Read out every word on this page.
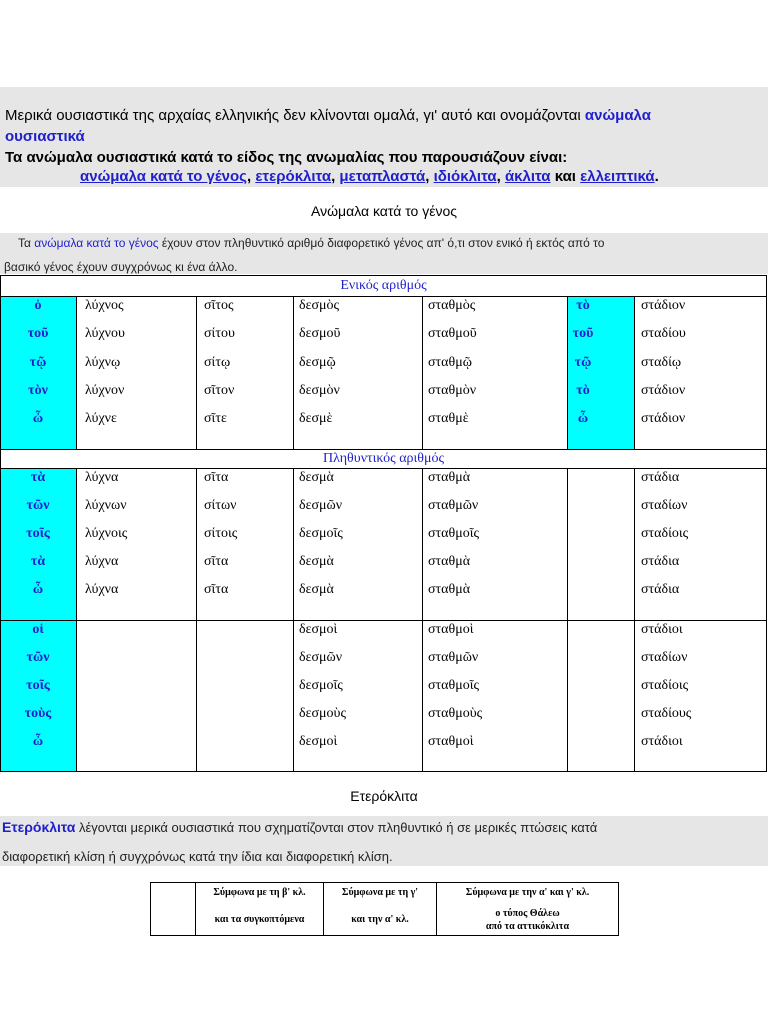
Μερικά ουσιαστικά της αρχαίας ελληνικής δεν κλίνονται ομαλά, γι' αυτό και ονομάζονται ανώμαλα
ουσιαστικά
Τα ανώμαλα ουσιαστικά κατά το είδος της ανωμαλίας που παρουσιάζουν είναι:
ανώμαλα κατά το γένος, ετερόκλιτα, μεταπλαστά, ιδιόκλιτα, άκλιτα και ελλειπτικά.
Ανώμαλα κατά το γένος
Τα ανώμαλα κατά το γένος έχουν στον πληθυντικό αριθμό διαφορετικό γένος απ' ό,τι στον ενικό ή εκτός από το
βασικό γένος έχουν συγχρόνως κι ένα άλλο.
Ενικός αριθμός
Πληθυντικός αριθμός
ὁ
τοῦ
τῷ
τὸν
ὦ
λύχνος
λύχνου
λύχνῳ
λύχνον
λύχνε
σῖτος
σίτου
σίτῳ
σῖτον
σῖτε
δεσμὸς
δεσμοῦ
δεσμῷ
δεσμὸν
δεσμὲ
σταθμὸς
σταθμοῦ
σταθμῷ
σταθμὸν
σταθμὲ
τὸ
τοῦ
τῷ
τὸ
ὦ
στάδιον
σταδίου
σταδίῳ
στάδιον
στάδιον
τὰ
τῶν
τοῖς
τὰ
ὦ
λύχνα
λύχνων
λύχνοις
λύχνα
λύχνα
σῖτα
σίτων
σίτοις
σῖτα
σῖτα
δεσμὰ
δεσμῶν
δεσμοῖς
δεσμὰ
δεσμὰ
σταθμὰ
σταθμῶν
σταθμοῖς
σταθμὰ
σταθμὰ
στάδια
σταδίων
σταδίοις
στάδια
στάδια
οἱ
τῶν
τοῖς
τοὺς
ὦ
δεσμοὶ
δεσμῶν
δεσμοῖς
δεσμοὺς
δεσμοὶ
σταθμοὶ
σταθμῶν
σταθμοῖς
σταθμοὺς
σταθμοὶ
στάδιοι
σταδίων
σταδίοις
σταδίους
στάδιοι
Ετερόκλιτα
Ετερόκλιτα λέγονται μερικά ουσιαστικά που σχηματίζονται στον πληθυντικό ή σε μερικές πτώσεις κατά
διαφορετική κλίση ή συγχρόνως κατά την ίδια και διαφορετική κλίση.
Σύμφωνα με τη β' κλ.
και τα συγκοπτόμενα
Σύμφωνα με τη γ'
και την α' κλ.
Σύμφωνα με την α' και γ' κλ.
ο τύπος Θάλεω
από τα αττικόκλιτα
